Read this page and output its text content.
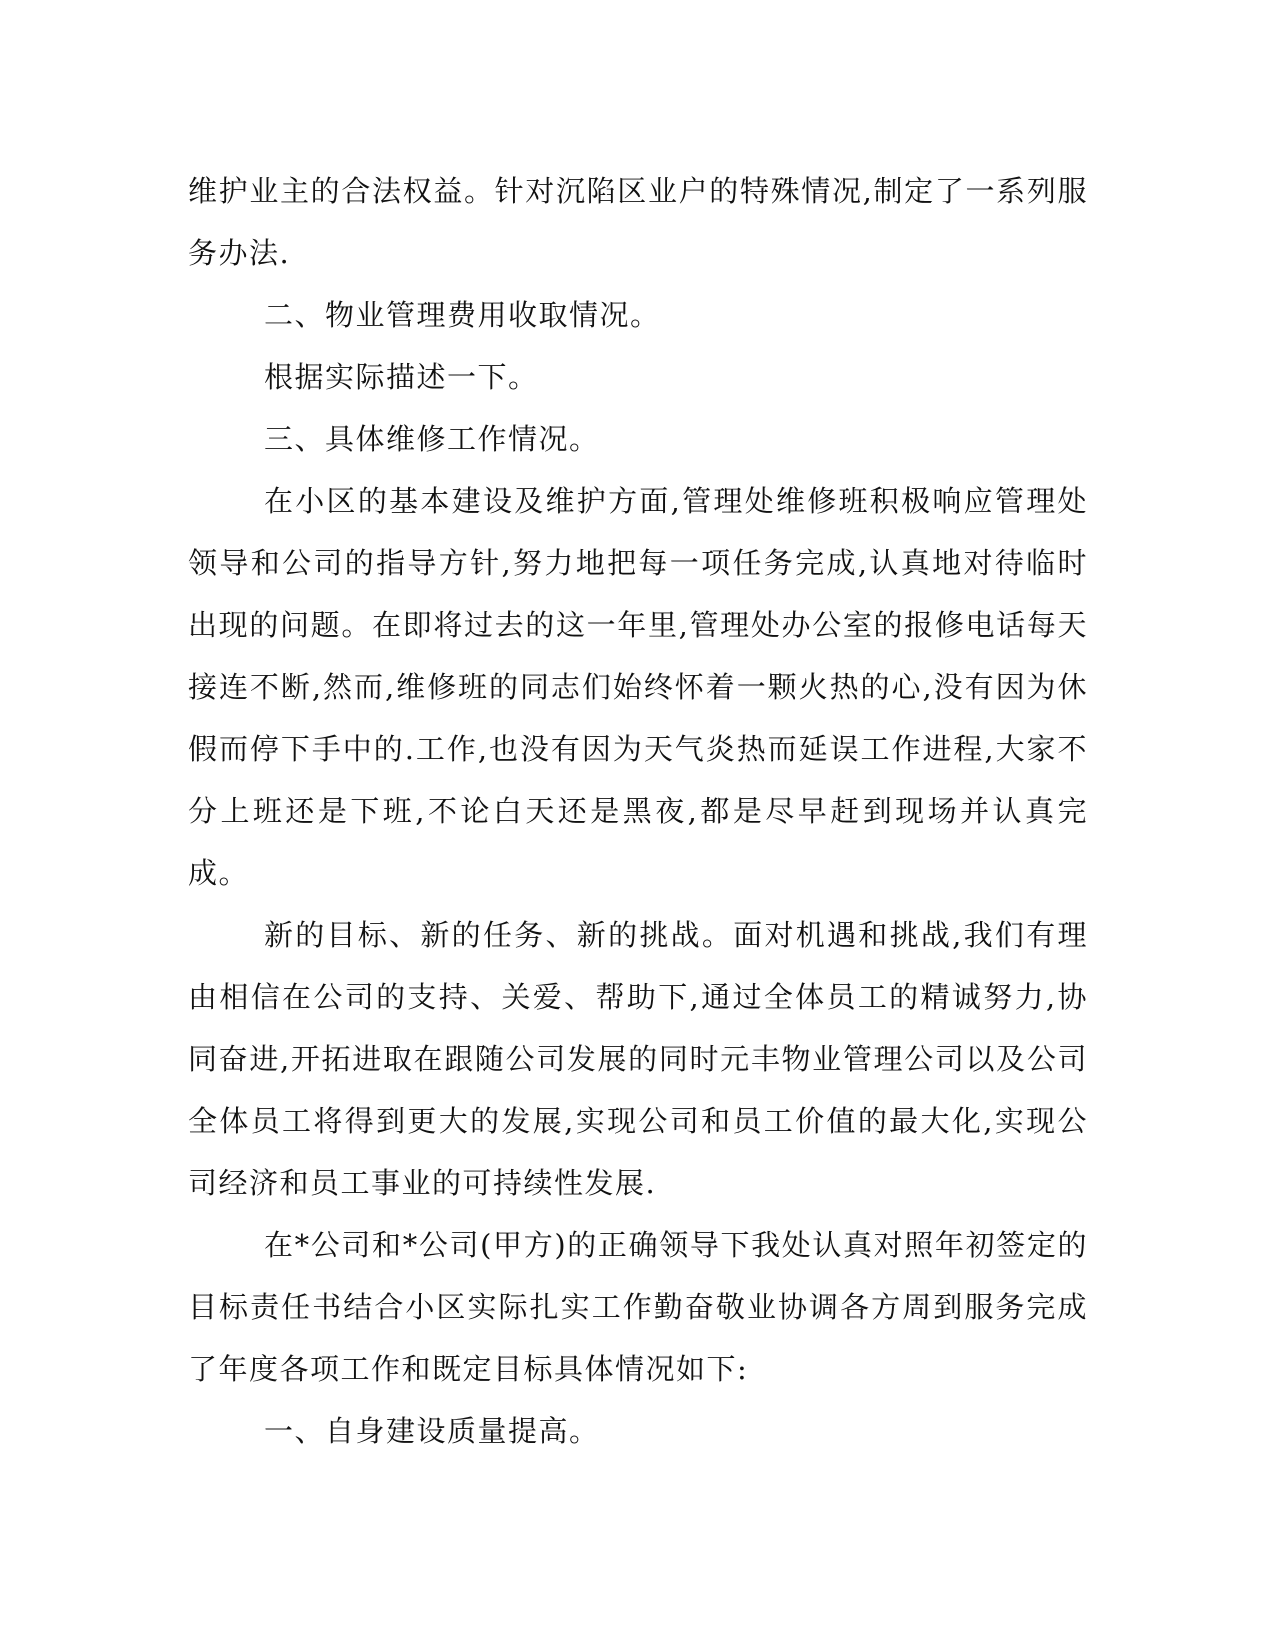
维护业主的合法权益。针对沉陷区业户的特殊情况,制定了一系列服务办法.

二、物业管理费用收取情况。

根据实际描述一下。

三、具体维修工作情况。

在小区的基本建设及维护方面,管理处维修班积极响应管理处领导和公司的指导方针,努力地把每一项任务完成,认真地对待临时出现的问题。在即将过去的这一年里,管理处办公室的报修电话每天接连不断,然而,维修班的同志们始终怀着一颗火热的心,没有因为休假而停下手中的.工作,也没有因为天气炎热而延误工作进程,大家不分上班还是下班,不论白天还是黑夜,都是尽早赶到现场并认真完成。

新的目标、新的任务、新的挑战。面对机遇和挑战,我们有理由相信在公司的支持、关爱、帮助下,通过全体员工的精诚努力,协同奋进,开拓进取在跟随公司发展的同时元丰物业管理公司以及公司全体员工将得到更大的发展,实现公司和员工价值的最大化,实现公司经济和员工事业的可持续性发展.

在*公司和*公司(甲方)的正确领导下我处认真对照年初签定的目标责任书结合小区实际扎实工作勤奋敬业协调各方周到服务完成了年度各项工作和既定目标具体情况如下:

一、自身建设质量提高。
